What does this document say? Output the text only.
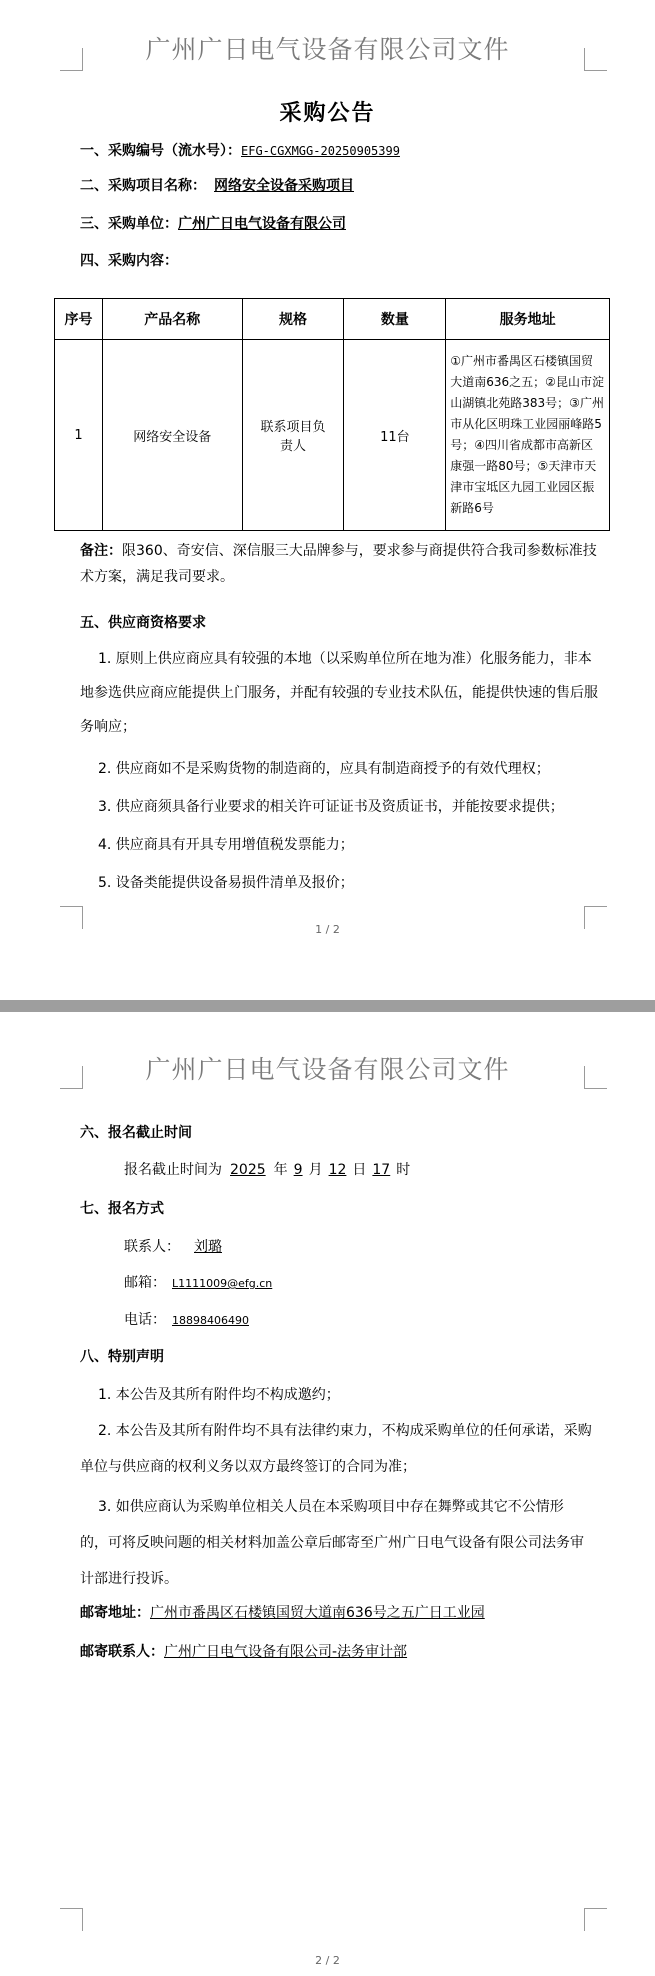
广州广日电气设备有限公司文件
采购公告
一、采购编号（流水号）：EFG-CGXMGG-20250905399
二、采购项目名称： 网络安全设备采购项目
三、采购单位：广州广日电气设备有限公司
四、采购内容：
序号	产品名称	规格	数量	服务地址
1	网络安全设备	联系项目负责人	11台	①广州市番禺区石楼镇国贸大道南636之五；②昆山市淀山湖镇北苑路383号；③广州市从化区明珠工业园丽峰路5号；④四川省成都市高新区康强一路80号；⑤天津市天津市宝坻区九园工业园区振新路6号
备注：限360、奇安信、深信服三大品牌参与，要求参与商提供符合我司参数标准技术方案，满足我司要求。
五、供应商资格要求
1. 原则上供应商应具有较强的本地（以采购单位所在地为准）化服务能力，非本地参选供应商应能提供上门服务，并配有较强的专业技术队伍，能提供快速的售后服务响应；
2. 供应商如不是采购货物的制造商的，应具有制造商授予的有效代理权；
3. 供应商须具备行业要求的相关许可证证书及资质证书，并能按要求提供；
4. 供应商具有开具专用增值税发票能力；
5. 设备类能提供设备易损件清单及报价；
1 / 2
广州广日电气设备有限公司文件
六、报名截止时间
报名截止时间为 2025 年 9 月 12 日 17 时
七、报名方式
联系人： 刘璐
邮箱： L1111009@efg.cn
电话： 18898406490
八、特别声明
1. 本公告及其所有附件均不构成邀约；
2. 本公告及其所有附件均不具有法律约束力，不构成采购单位的任何承诺，采购单位与供应商的权利义务以双方最终签订的合同为准；
3. 如供应商认为采购单位相关人员在本采购项目中存在舞弊或其它不公情形的，可将反映问题的相关材料加盖公章后邮寄至广州广日电气设备有限公司法务审计部进行投诉。
邮寄地址：广州市番禺区石楼镇国贸大道南636号之五广日工业园
邮寄联系人：广州广日电气设备有限公司-法务审计部
2 / 2
